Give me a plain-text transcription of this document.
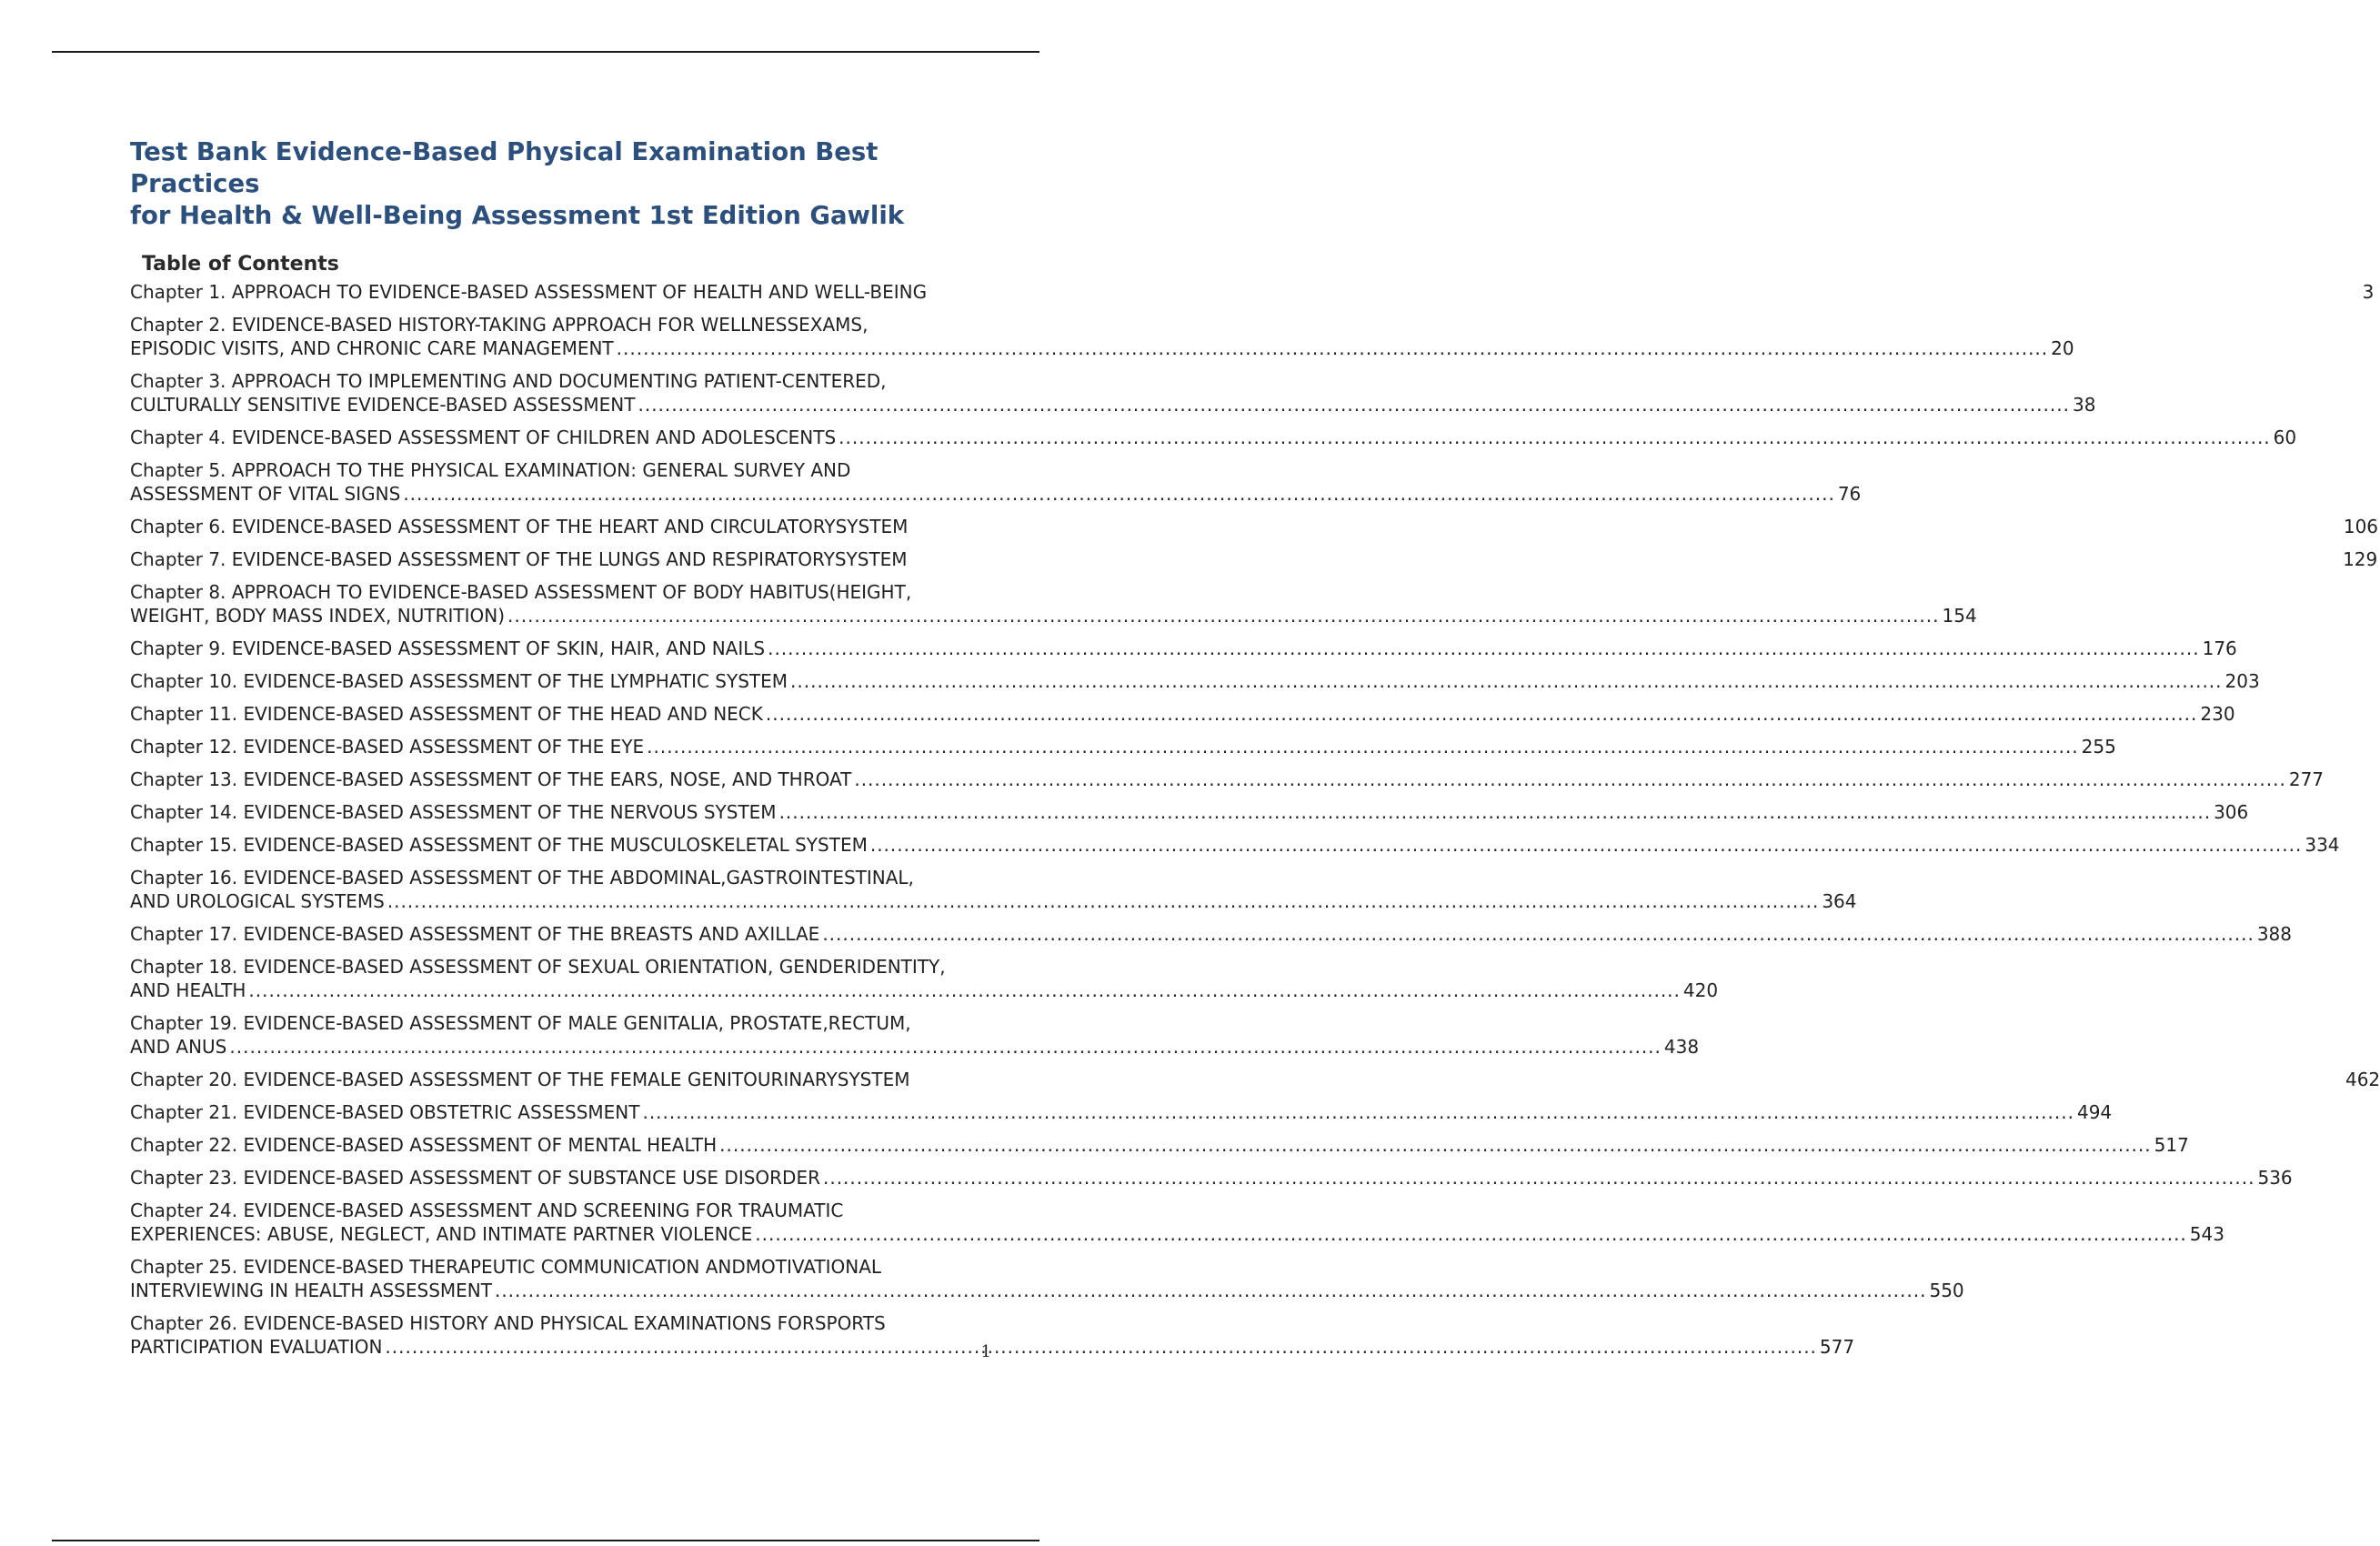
Test Bank Evidence-Based Physical Examination Best Practices
for Health & Well-Being Assessment 1st Edition Gawlik
Table of Contents
Chapter 1. APPROACH TO EVIDENCE-BASED ASSESSMENT OF HEALTH AND WELL-BEING	3
Chapter 2. EVIDENCE-BASED HISTORY-TAKING APPROACH FOR WELLNESSEXAMS,
EPISODIC VISITS, AND CHRONIC CARE MANAGEMENT .....	20
Chapter 3. APPROACH TO IMPLEMENTING AND DOCUMENTING PATIENT-CENTERED,
CULTURALLY SENSITIVE EVIDENCE-BASED ASSESSMENT .....	38
Chapter 4. EVIDENCE-BASED ASSESSMENT OF CHILDREN AND ADOLESCENTS .....	60
Chapter 5. APPROACH TO THE PHYSICAL EXAMINATION: GENERAL SURVEY AND
ASSESSMENT OF VITAL SIGNS .....	76
Chapter 6. EVIDENCE-BASED ASSESSMENT OF THE HEART AND CIRCULATORYSYSTEM	106
Chapter 7. EVIDENCE-BASED ASSESSMENT OF THE LUNGS AND RESPIRATORYSYSTEM	129
Chapter 8. APPROACH TO EVIDENCE-BASED ASSESSMENT OF BODY HABITUS(HEIGHT,
WEIGHT, BODY MASS INDEX, NUTRITION) .....	154
Chapter 9. EVIDENCE-BASED ASSESSMENT OF SKIN, HAIR, AND NAILS .....	176
Chapter 10. EVIDENCE-BASED ASSESSMENT OF THE LYMPHATIC SYSTEM .....	203
Chapter 11. EVIDENCE-BASED ASSESSMENT OF THE HEAD AND NECK .....	230
Chapter 12. EVIDENCE-BASED ASSESSMENT OF THE EYE .....	255
Chapter 13. EVIDENCE-BASED ASSESSMENT OF THE EARS, NOSE, AND THROAT .....	277
Chapter 14. EVIDENCE-BASED ASSESSMENT OF THE NERVOUS SYSTEM .....	306
Chapter 15. EVIDENCE-BASED ASSESSMENT OF THE MUSCULOSKELETAL SYSTEM .....	334
Chapter 16. EVIDENCE-BASED ASSESSMENT OF THE ABDOMINAL,GASTROINTESTINAL,
AND UROLOGICAL SYSTEMS .....	364
Chapter 17. EVIDENCE-BASED ASSESSMENT OF THE BREASTS AND AXILLAE .....	388
Chapter 18. EVIDENCE-BASED ASSESSMENT OF SEXUAL ORIENTATION, GENDERIDENTITY,
AND HEALTH .....	420
Chapter 19. EVIDENCE-BASED ASSESSMENT OF MALE GENITALIA, PROSTATE,RECTUM,
AND ANUS .....	438
Chapter 20. EVIDENCE-BASED ASSESSMENT OF THE FEMALE GENITOURINARYSYSTEM	462
Chapter 21. EVIDENCE-BASED OBSTETRIC ASSESSMENT .....	494
Chapter 22. EVIDENCE-BASED ASSESSMENT OF MENTAL HEALTH .....	517
Chapter 23. EVIDENCE-BASED ASSESSMENT OF SUBSTANCE USE DISORDER .....	536
Chapter 24. EVIDENCE-BASED ASSESSMENT AND SCREENING FOR TRAUMATIC
EXPERIENCES: ABUSE, NEGLECT, AND INTIMATE PARTNER VIOLENCE .....	543
Chapter 25. EVIDENCE-BASED THERAPEUTIC COMMUNICATION ANDMOTIVATIONAL
INTERVIEWING IN HEALTH ASSESSMENT .....	550
Chapter 26. EVIDENCE-BASED HISTORY AND PHYSICAL EXAMINATIONS FORSPORTS
PARTICIPATION EVALUATION .....	577
1
